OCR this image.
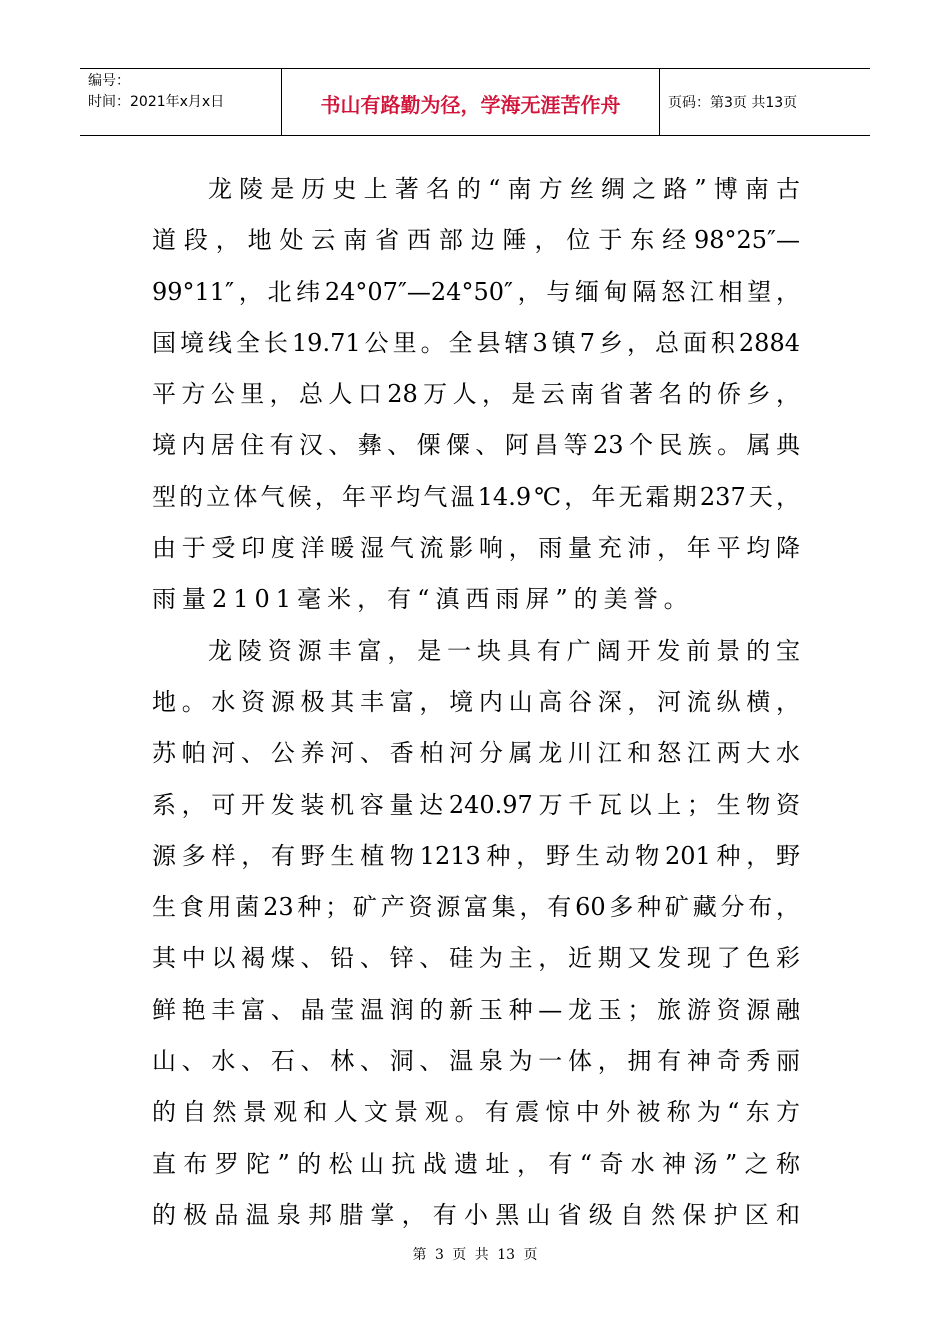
编号：
时间：2021年x月x日	书山有路勤为径，学海无涯苦作舟	页码：第3页 共13页
龙陵是历史上著名的“南方丝绸之路”博南古
道段，地处云南省西部边陲，位于东经98°25″—
99°11″，北纬24°07″—24°50″，与缅甸隔怒江相望，
国境线全长19.71公里。全县辖3镇7乡，总面积2884
平方公里，总人口28万人，是云南省著名的侨乡，
境内居住有汉、彝、傈僳、阿昌等23个民族。属典
型的立体气候，年平均气温14.9℃，年无霜期237天，
由于受印度洋暖湿气流影响，雨量充沛，年平均降
雨量2101毫米，有“滇西雨屏”的美誉。
龙陵资源丰富，是一块具有广阔开发前景的宝
地。水资源极其丰富，境内山高谷深，河流纵横，
苏帕河、公养河、香柏河分属龙川江和怒江两大水
系，可开发装机容量达240.97万千瓦以上；生物资
源多样，有野生植物1213种，野生动物201种，野
生食用菌23种；矿产资源富集，有60多种矿藏分布，
其中以褐煤、铅、锌、硅为主，近期又发现了色彩
鲜艳丰富、晶莹温润的新玉种—龙玉；旅游资源融
山、水、石、林、洞、温泉为一体，拥有神奇秀丽
的自然景观和人文景观。有震惊中外被称为“东方
直布罗陀”的松山抗战遗址，有“奇水神汤”之称
的极品温泉邦腊掌，有小黑山省级自然保护区和
第 3 页 共 13 页
